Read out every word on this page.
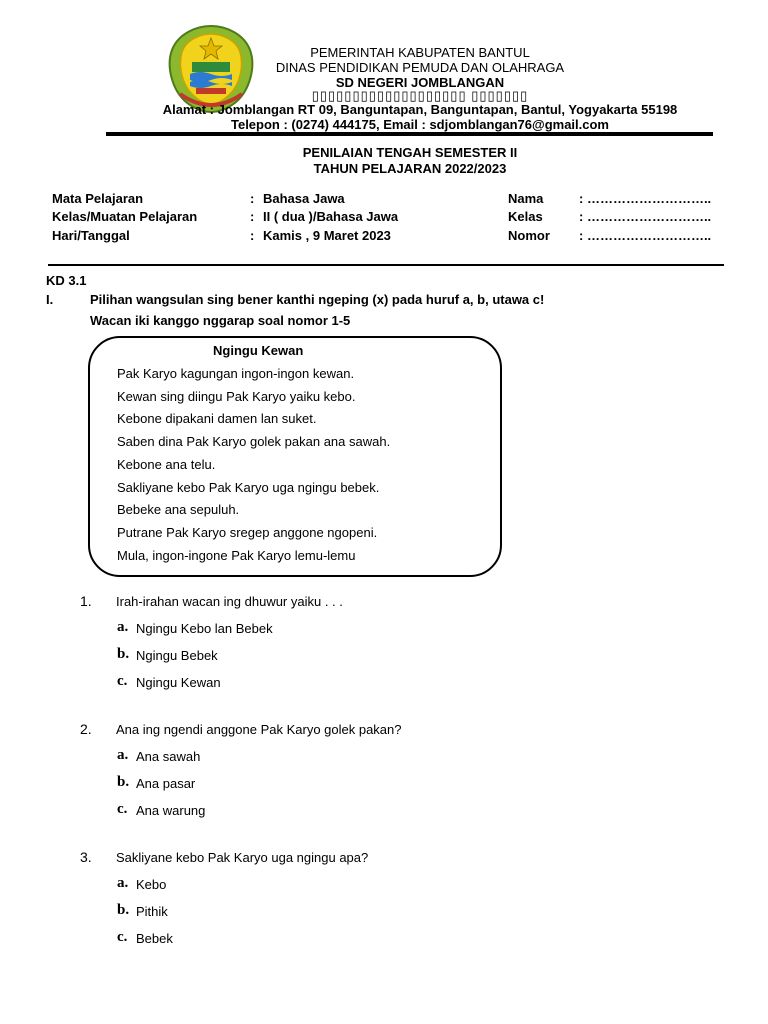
PEMERINTAH KABUPATEN BANTUL
DINAS PENDIDIKAN PEMUDA DAN OLAHRAGA
SD NEGERI JOMBLANGAN
▯▯▯▯▯▯▯▯▯▯▯▯▯▯▯▯▯▯▯ ▯▯▯▯▯▯▯
Alamat : Jomblangan RT 09, Banguntapan, Banguntapan, Bantul, Yogyakarta 55198
Telepon : (0274) 444175, Email : sdjomblangan76@gmail.com
PENILAIAN TENGAH SEMESTER II
TAHUN PELAJARAN 2022/2023
Mata Pelajaran	: Bahasa Jawa	Nama	: ………………………..
Kelas/Muatan Pelajaran	: II ( dua )/Bahasa Jawa	Kelas	: ………………………..
Hari/Tanggal	: Kamis , 9 Maret 2023	Nomor : ………………………..
KD 3.1
I.	Pilihan wangsulan sing bener kanthi ngeping (x) pada huruf a, b, utawa c!
Wacan iki kanggo nggarap soal nomor 1-5
Ngingu Kewan
Pak Karyo kagungan ingon-ingon kewan.
Kewan sing diingu Pak Karyo yaiku kebo.
Kebone dipakani damen lan suket.
Saben dina Pak Karyo golek pakan ana sawah.
Kebone ana telu.
Sakliyane kebo Pak Karyo uga ngingu bebek.
Bebeke ana sepuluh.
Putrane Pak Karyo sregep anggone ngopeni.
Mula, ingon-ingone Pak Karyo lemu-lemu
1. Irah-irahan wacan ing dhuwur yaiku . . .
a. Ngingu Kebo lan Bebek
b. Ngingu Bebek
c. Ngingu Kewan
2. Ana ing ngendi anggone Pak Karyo golek pakan?
a. Ana sawah
b. Ana pasar
c. Ana warung
3. Sakliyane kebo Pak Karyo uga ngingu apa?
a. Kebo
b. Pithik
c. Bebek
